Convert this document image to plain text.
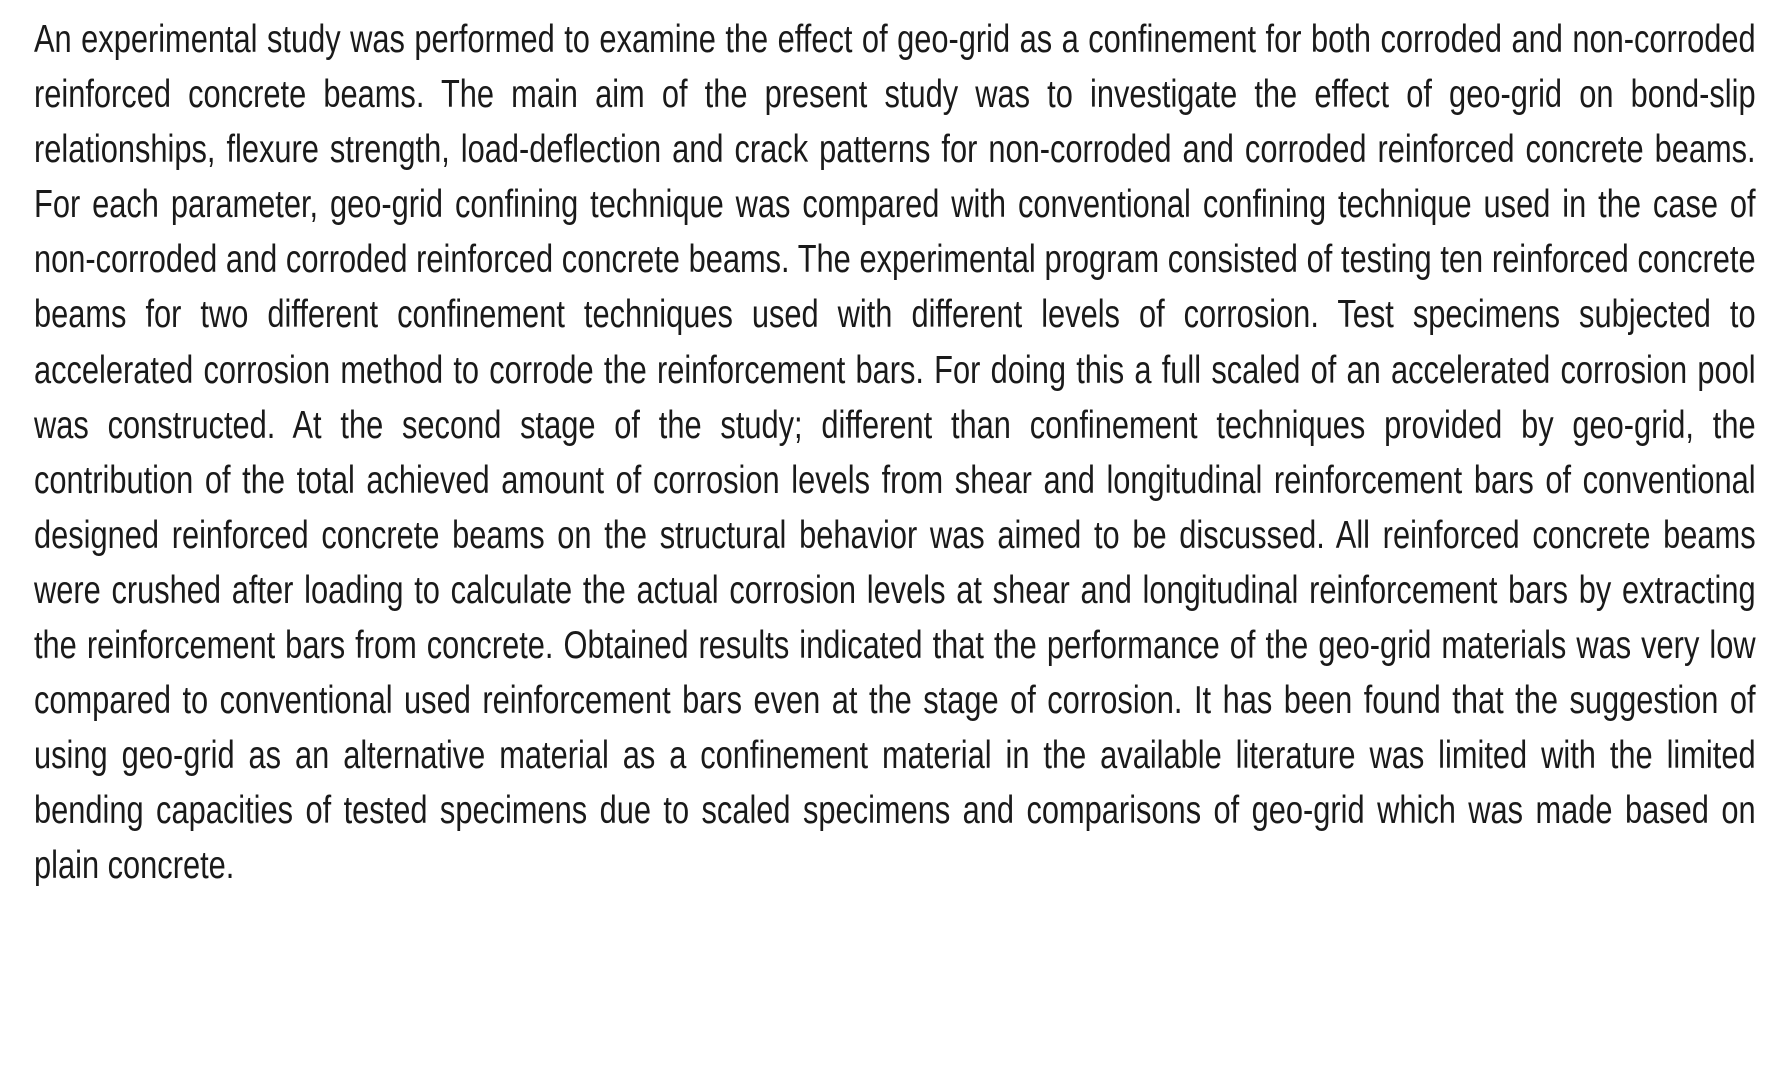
An experimental study was performed to examine the effect of geo-grid as a confinement for both corroded and non-corroded reinforced concrete beams. The main aim of the present study was to investigate the effect of geo-grid on bond-slip relationships, flexure strength, load-deflection and crack patterns for non-corroded and corroded reinforced concrete beams. For each parameter, geo-grid confining technique was compared with conventional confining technique used in the case of non-corroded and corroded reinforced concrete beams. The experimental program consisted of testing ten reinforced concrete beams for two different confinement techniques used with different levels of corrosion. Test specimens subjected to accelerated corrosion method to corrode the reinforcement bars. For doing this a full scaled of an accelerated corrosion pool was constructed. At the second stage of the study; different than confinement techniques provided by geo-grid, the contribution of the total achieved amount of corrosion levels from shear and longitudinal reinforcement bars of conventional designed reinforced concrete beams on the structural behavior was aimed to be discussed. All reinforced concrete beams were crushed after loading to calculate the actual corrosion levels at shear and longitudinal reinforcement bars by extracting the reinforcement bars from concrete. Obtained results indicated that the performance of the geo-grid materials was very low compared to conventional used reinforcement bars even at the stage of corrosion. It has been found that the suggestion of using geo-grid as an alternative material as a confinement material in the available literature was limited with the limited bending capacities of tested specimens due to scaled specimens and comparisons of geo-grid which was made based on plain concrete.
